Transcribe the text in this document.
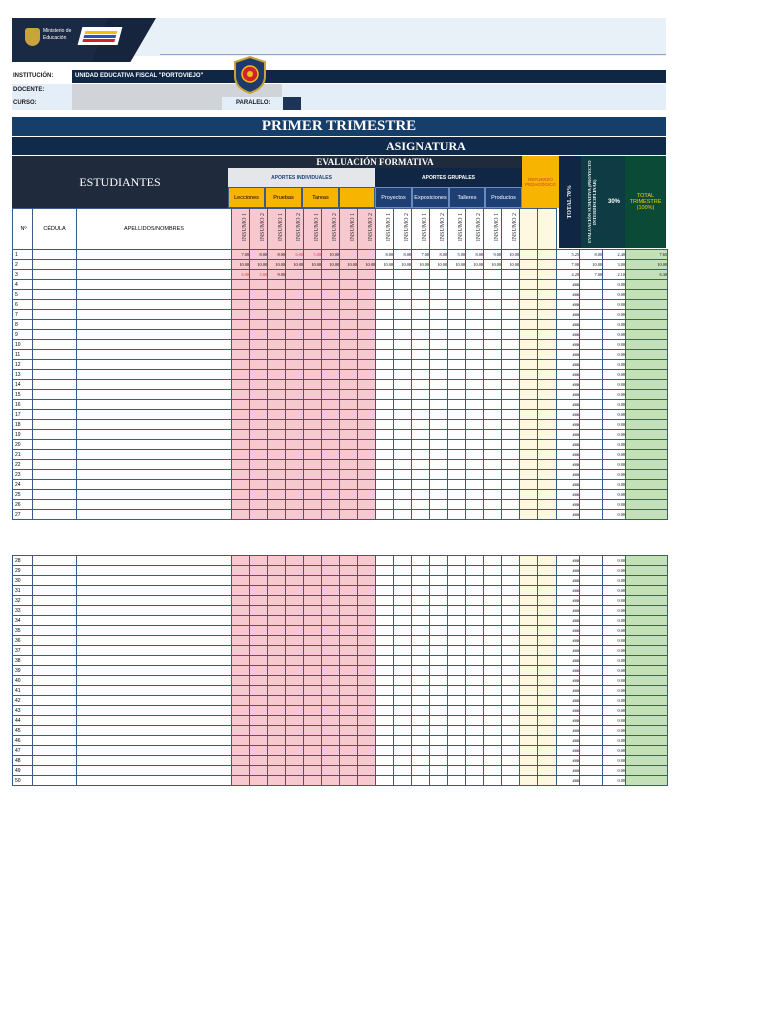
Ministerio de
Educación
INSTITUCIÓN:	UNIDAD EDUCATIVA FISCAL "PORTOVIEJO"
DOCENTE:
CURSO:	PARALELO:
PRIMER TRIMESTRE
ASIGNATURA
ESTUDIANTES
EVALUACIÓN FORMATIVA
APORTES INDIVIDUALES	APORTES GRUPALES
Lecciones	Pruebas	Tareas	Proyectos	Exposiciones	Talleres	Productos
REFUERZO PEDAGÓGICO
TOTAL 70%	EVALUACIÓN SUMATIVA (PROYECTO INTERDISCIPLINAR)	30%
TOTAL TRIMESTRE (100%)
Nº	CÉDULA	APELLIDOS/NOMBRES	INSUMO 1	INSUMO 2	INSUMO 1	INSUMO 2	INSUMO 1	INSUMO 2	INSUMO 1	INSUMO 2	INSUMO 1	INSUMO 2	INSUMO 1	INSUMO 2	INSUMO 1	INSUMO 2	INSUMO 1	INSUMO 2		
1			7.00	8.00	8.00	6.00	5.00	10.00			8.00	8.00	7.00	8.00	5.00	8.00	9.00	10.00			5.25	8.00	2.40	7.65
2			10.00	10.00	10.00	10.00	10.00	10.00	10.00	10.00	10.00	10.00	10.00	10.00	10.00	10.00	10.00	10.00			7.00	10.00	3.00	10.00
3			6.00	5.00	9.00																4.20	7.00	2.10	6.30
4																					###		0.00	
5																					###		0.00	
6																					###		0.00	
7																					###		0.00	
8																					###		0.00	
9																					###		0.00	
10																					###		0.00	
11																					###		0.00	
12																					###		0.00	
13																					###		0.00	
14																					###		0.00	
15																					###		0.00	
16																					###		0.00	
17																					###		0.00	
18																					###		0.00	
19																					###		0.00	
20																					###		0.00	
21																					###		0.00	
22																					###		0.00	
23																					###		0.00	
24																					###		0.00	
25																					###		0.00	
26																					###		0.00	
27																					###		0.00	
28																					###		0.00	
29																					###		0.00	
30																					###		0.00	
31																					###		0.00	
32																					###		0.00	
33																					###		0.00	
34																					###		0.00	
35																					###		0.00	
36																					###		0.00	
37																					###		0.00	
38																					###		0.00	
39																					###		0.00	
40																					###		0.00	
41																					###		0.00	
42																					###		0.00	
43																					###		0.00	
44																					###		0.00	
45																					###		0.00	
46																					###		0.00	
47																					###		0.00	
48																					###		0.00	
49																					###		0.00	
50																					###		0.00	
